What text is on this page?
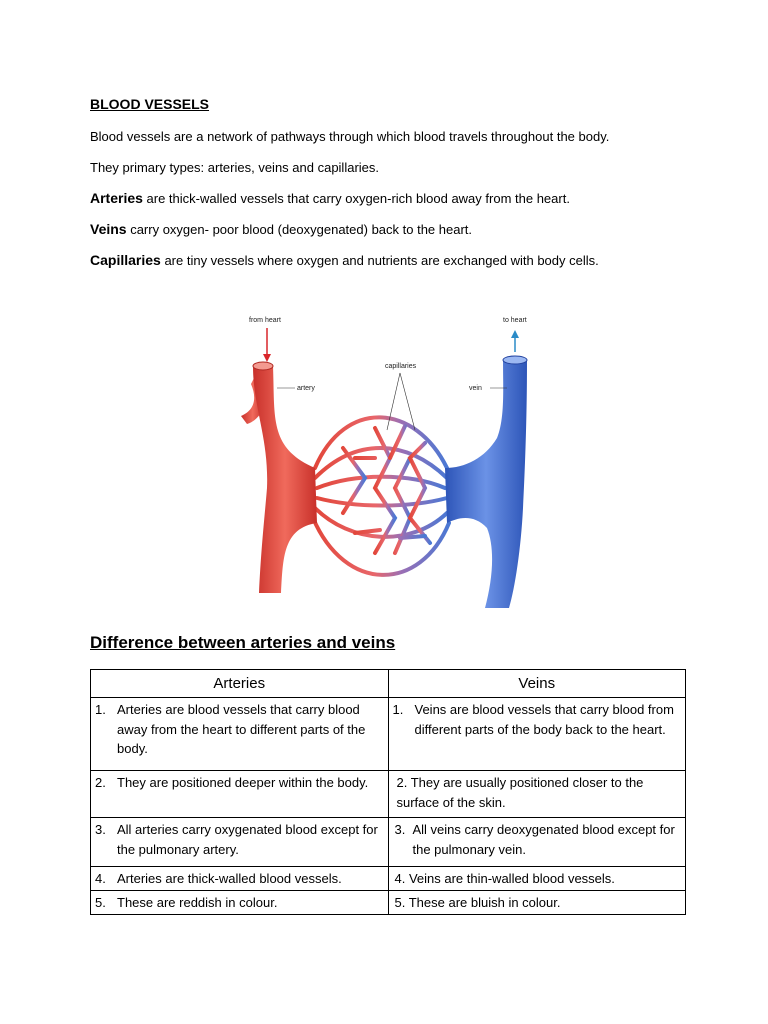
BLOOD VESSELS

Blood vessels are a network of pathways through which blood travels throughout the body.

They primary types: arteries, veins and capillaries.

Arteries are thick-walled vessels that carry oxygen-rich blood away from the heart.

Veins carry oxygen- poor blood (deoxygenated) back to the heart.

Capillaries are tiny vessels where oxygen and nutrients are exchanged with body cells.

from heart	to heart
artery	vein
capillaries
Difference between arteries and veins
Arteries	Veins

1. Arteries are blood vessels that carry blood away from the heart to different parts of the body.	1. Veins are blood vessels that carry blood from different parts of the body back to the heart.

2. They are positioned deeper within the body.	2. They are usually positioned closer to the surface of the skin.

3. All arteries carry oxygenated blood except for the pulmonary artery.	3. All veins carry deoxygenated blood except for the pulmonary vein.

4. Arteries are thick-walled blood vessels.	4. Veins are thin-walled blood vessels.

5. These are reddish in colour.	5. These are bluish in colour.
